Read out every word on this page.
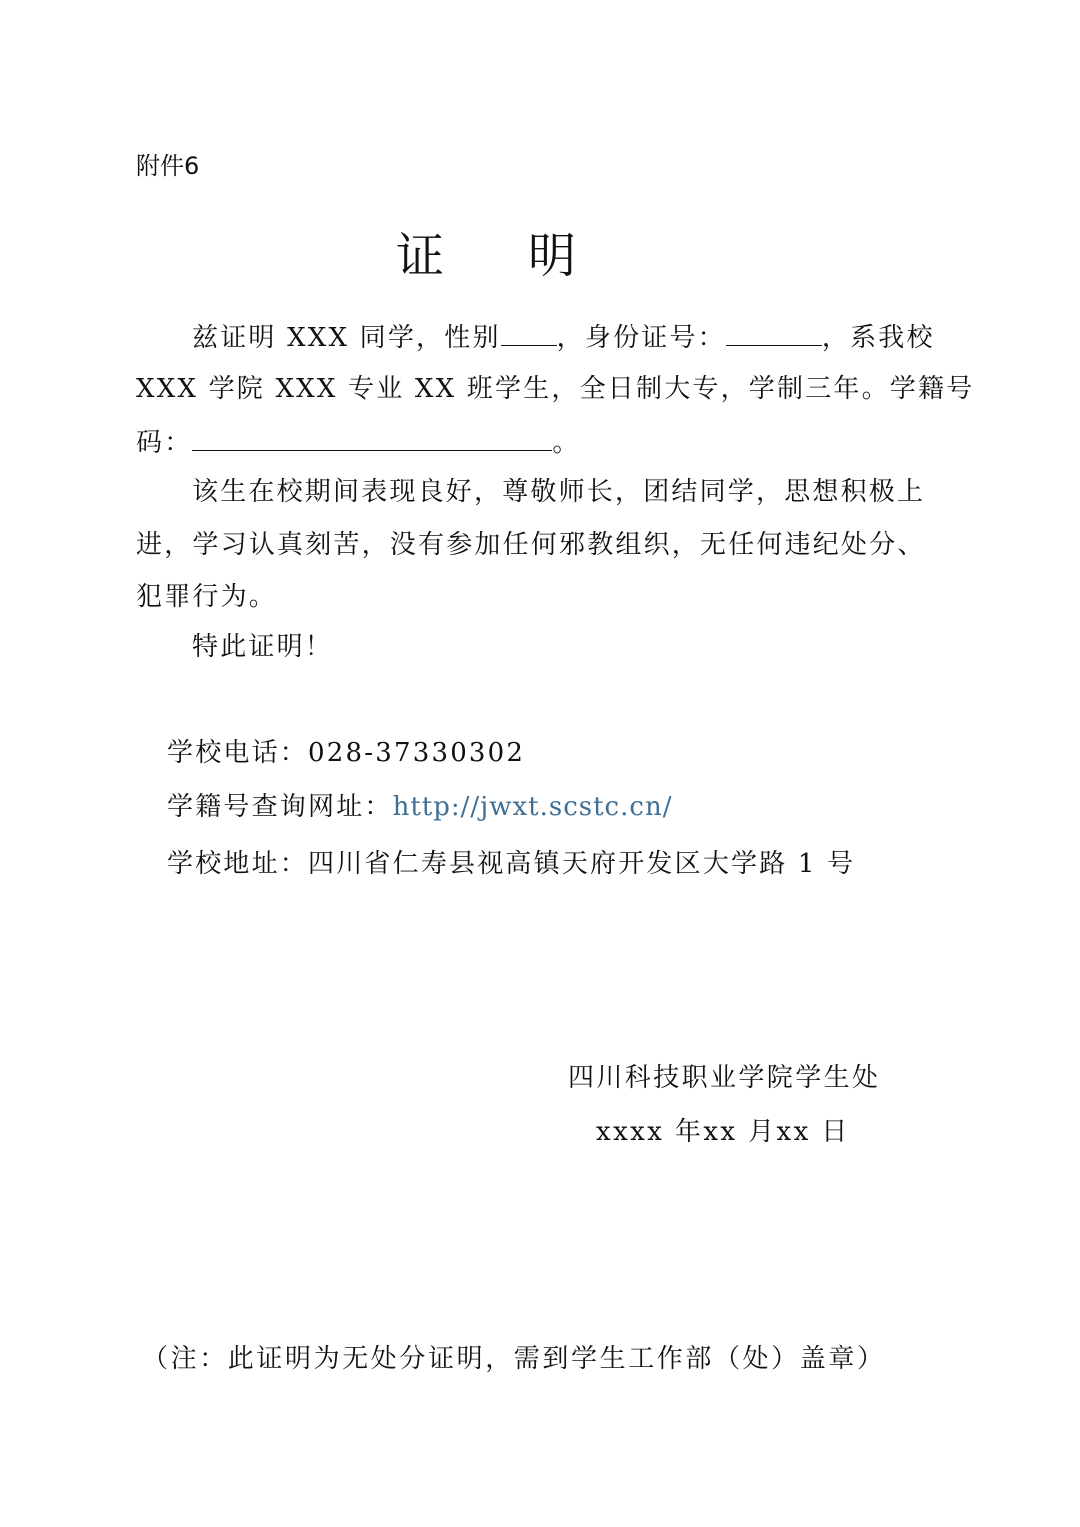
附件6
证明
兹证明 XXX 同学，性别 ，身份证号：	，系我校
XXX 学院 XXX 专业 XX 班学生，全日制大专，学制三年。学籍号
码：	。
该生在校期间表现良好，尊敬师长，团结同学，思想积极上
进，学习认真刻苦，没有参加任何邪教组织，无任何违纪处分、
犯罪行为。
特此证明！
学校电话：028-37330302
学籍号查询网址：http://jwxt.scstc.cn/
学校地址：四川省仁寿县视高镇天府开发区大学路 1 号
四川科技职业学院学生处
xxxx 年xx 月xx 日
（注：此证明为无处分证明，需到学生工作部（处）盖章）
